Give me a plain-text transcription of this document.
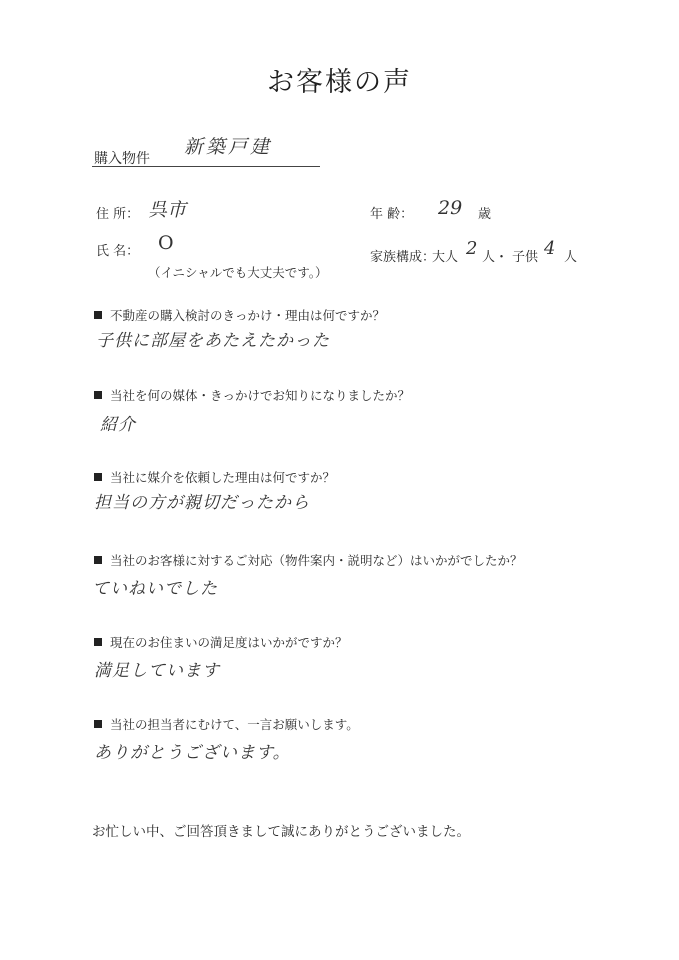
お客様の声
購入物件
新築戸建
住 所： 呉市	年 齢： 29 歳
氏 名： O
（イニシャルでも大丈夫です。）
家族構成：
大人 2 人・ 子供 4 人
不動産の購入検討のきっかけ・理由は何ですか？
子供に部屋をあたえたかった
当社を何の媒体・きっかけでお知りになりましたか？
紹介
当社に媒介を依頼した理由は何ですか？
担当の方が親切だったから
当社のお客様に対するご対応（物件案内・説明など）はいかがでしたか？
ていねいでした
現在のお住まいの満足度はいかがですか？
満足しています
当社の担当者にむけて、一言お願いします。
ありがとうございます。
お忙しい中、ご回答頂きまして誠にありがとうございました。
